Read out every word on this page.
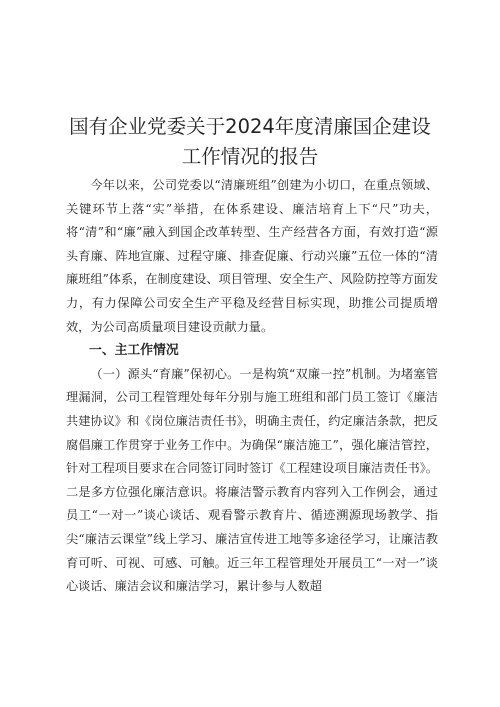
国有企业党委关于2024年度清廉国企建设工作情况的报告

今年以来，公司党委以“清廉班组”创建为小切口，在重点领域、关键环节上落“实”举措，在体系建设、廉洁培育上下“尺”功夫，将“清”和“廉”融入到国企改革转型、生产经营各方面，有效打造“源头育廉、阵地宣廉、过程守廉、排查促廉、行动兴廉”五位一体的“清廉班组”体系，在制度建设、项目管理、安全生产、风险防控等方面发力，有力保障公司安全生产平稳及经营目标实现，助推公司提质增效，为公司高质量项目建设贡献力量。

一、主工作情况

（一）源头“育廉”保初心。一是构筑“双廉一控”机制。为堵塞管理漏洞，公司工程管理处每年分别与施工班组和部门员工签订《廉洁共建协议》和《岗位廉洁责任书》，明确主责任，约定廉洁条款，把反腐倡廉工作贯穿于业务工作中。为确保“廉洁施工”，强化廉洁管控，针对工程项目要求在合同签订同时签订《工程建设项目廉洁责任书》。二是多方位强化廉洁意识。将廉洁警示教育内容列入工作例会，通过员工“一对一”谈心谈话、观看警示教育片、循迹溯源现场教学、指尖“廉洁云课堂”线上学习、廉洁宣传进工地等多途径学习，让廉洁教育可听、可视、可感、可触。近三年工程管理处开展员工“一对一”谈心谈话、廉洁会议和廉洁学习，累计参与人数超
